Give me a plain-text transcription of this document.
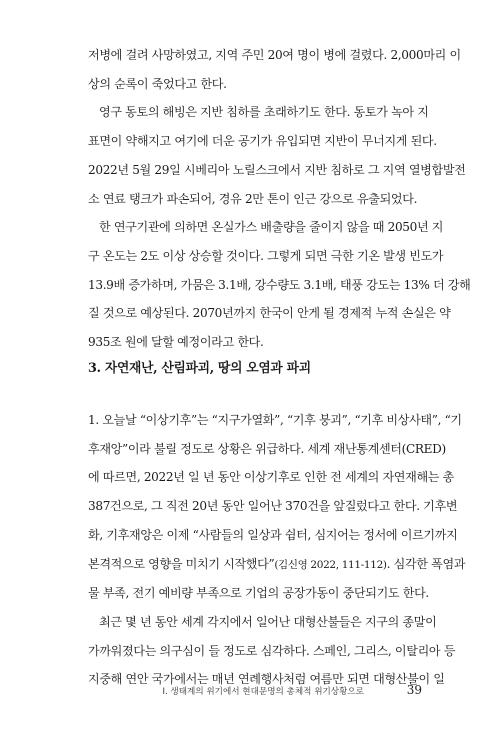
저병에 걸려 사망하였고, 지역 주민 20여 명이 병에 걸렸다. 2,000마리 이
상의 순록이 죽었다고 한다.
영구 동토의 해빙은 지반 침하를 초래하기도 한다. 동토가 녹아 지
표면이 약해지고 여기에 더운 공기가 유입되면 지반이 무너지게 된다.
2022년 5월 29일 시베리아 노릴스크에서 지반 침하로 그 지역 열병합발전
소 연료 탱크가 파손되어, 경유 2만 톤이 인근 강으로 유출되었다.
한 연구기관에 의하면 온실가스 배출량을 줄이지 않을 때 2050년 지
구 온도는 2도 이상 상승할 것이다. 그렇게 되면 극한 기온 발생 빈도가
13.9배 증가하며, 가뭄은 3.1배, 강수량도 3.1배, 태풍 강도는 13% 더 강해
질 것으로 예상된다. 2070년까지 한국이 안게 될 경제적 누적 손실은 약
935조 원에 달할 예정이라고 한다.
3. 자연재난, 산림파괴, 땅의 오염과 파괴
1. 오늘날 “이상기후”는 “지구가열화”, “기후 붕괴”, “기후 비상사태”, “기
후재앙”이라 불릴 정도로 상황은 위급하다. 세계 재난통계센터(CRED)
에 따르면, 2022년 일 년 동안 이상기후로 인한 전 세계의 자연재해는 총
387건으로, 그 직전 20년 동안 일어난 370건을 앞질렀다고 한다. 기후변
화, 기후재앙은 이제 “사람들의 일상과 쉼터, 심지어는 정서에 이르기까지
본격적으로 영향을 미치기 시작했다”(김신영 2022, 111-112). 심각한 폭염과
물 부족, 전기 예비량 부족으로 기업의 공장가동이 중단되기도 한다.
최근 몇 년 동안 세계 각지에서 일어난 대형산불들은 지구의 종말이
가까워졌다는 의구심이 들 정도로 심각하다. 스페인, 그리스, 이탈리아 등
지중해 연안 국가에서는 매년 연례행사처럼 여름만 되면 대형산불이 일
I. 생태계의 위기에서 현대문명의 총체적 위기상황으로	39
